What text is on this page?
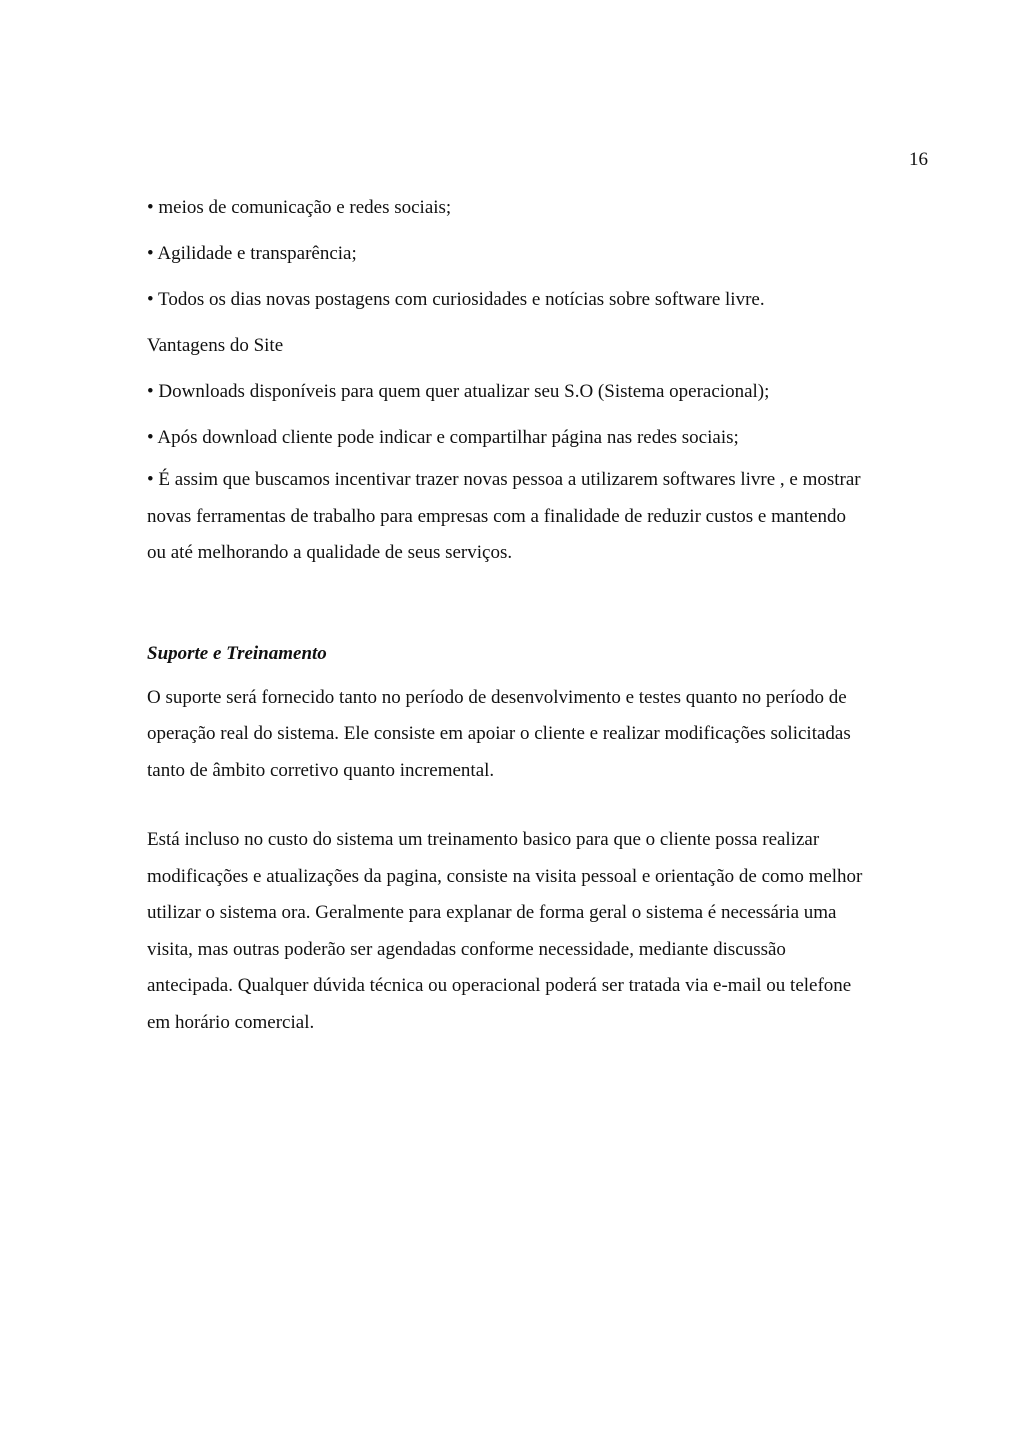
16
• meios de comunicação e redes sociais;
• Agilidade e transparência;
• Todos os dias novas postagens com curiosidades e notícias sobre software livre.
Vantagens do Site
• Downloads disponíveis para quem quer atualizar seu S.O (Sistema operacional);
• Após download cliente pode indicar e compartilhar página nas redes sociais;
• É assim que buscamos incentivar trazer novas pessoa a utilizarem softwares livre , e mostrar
novas ferramentas de trabalho para empresas com a finalidade de reduzir custos e mantendo
ou até melhorando a qualidade de seus serviços.
Suporte e Treinamento
O suporte será fornecido tanto no período de desenvolvimento e testes quanto no período de
operação real do sistema. Ele consiste em apoiar o cliente e realizar modificações solicitadas
tanto de âmbito corretivo quanto incremental.
Está incluso no custo do sistema um treinamento basico para que o cliente possa realizar
modificações e atualizações da pagina, consiste na visita pessoal e orientação de como melhor
utilizar o sistema ora. Geralmente para explanar de forma geral o sistema é necessária uma
visita, mas outras poderão ser agendadas conforme necessidade, mediante discussão
antecipada. Qualquer dúvida técnica ou operacional poderá ser tratada via e-mail ou telefone
em horário comercial.
